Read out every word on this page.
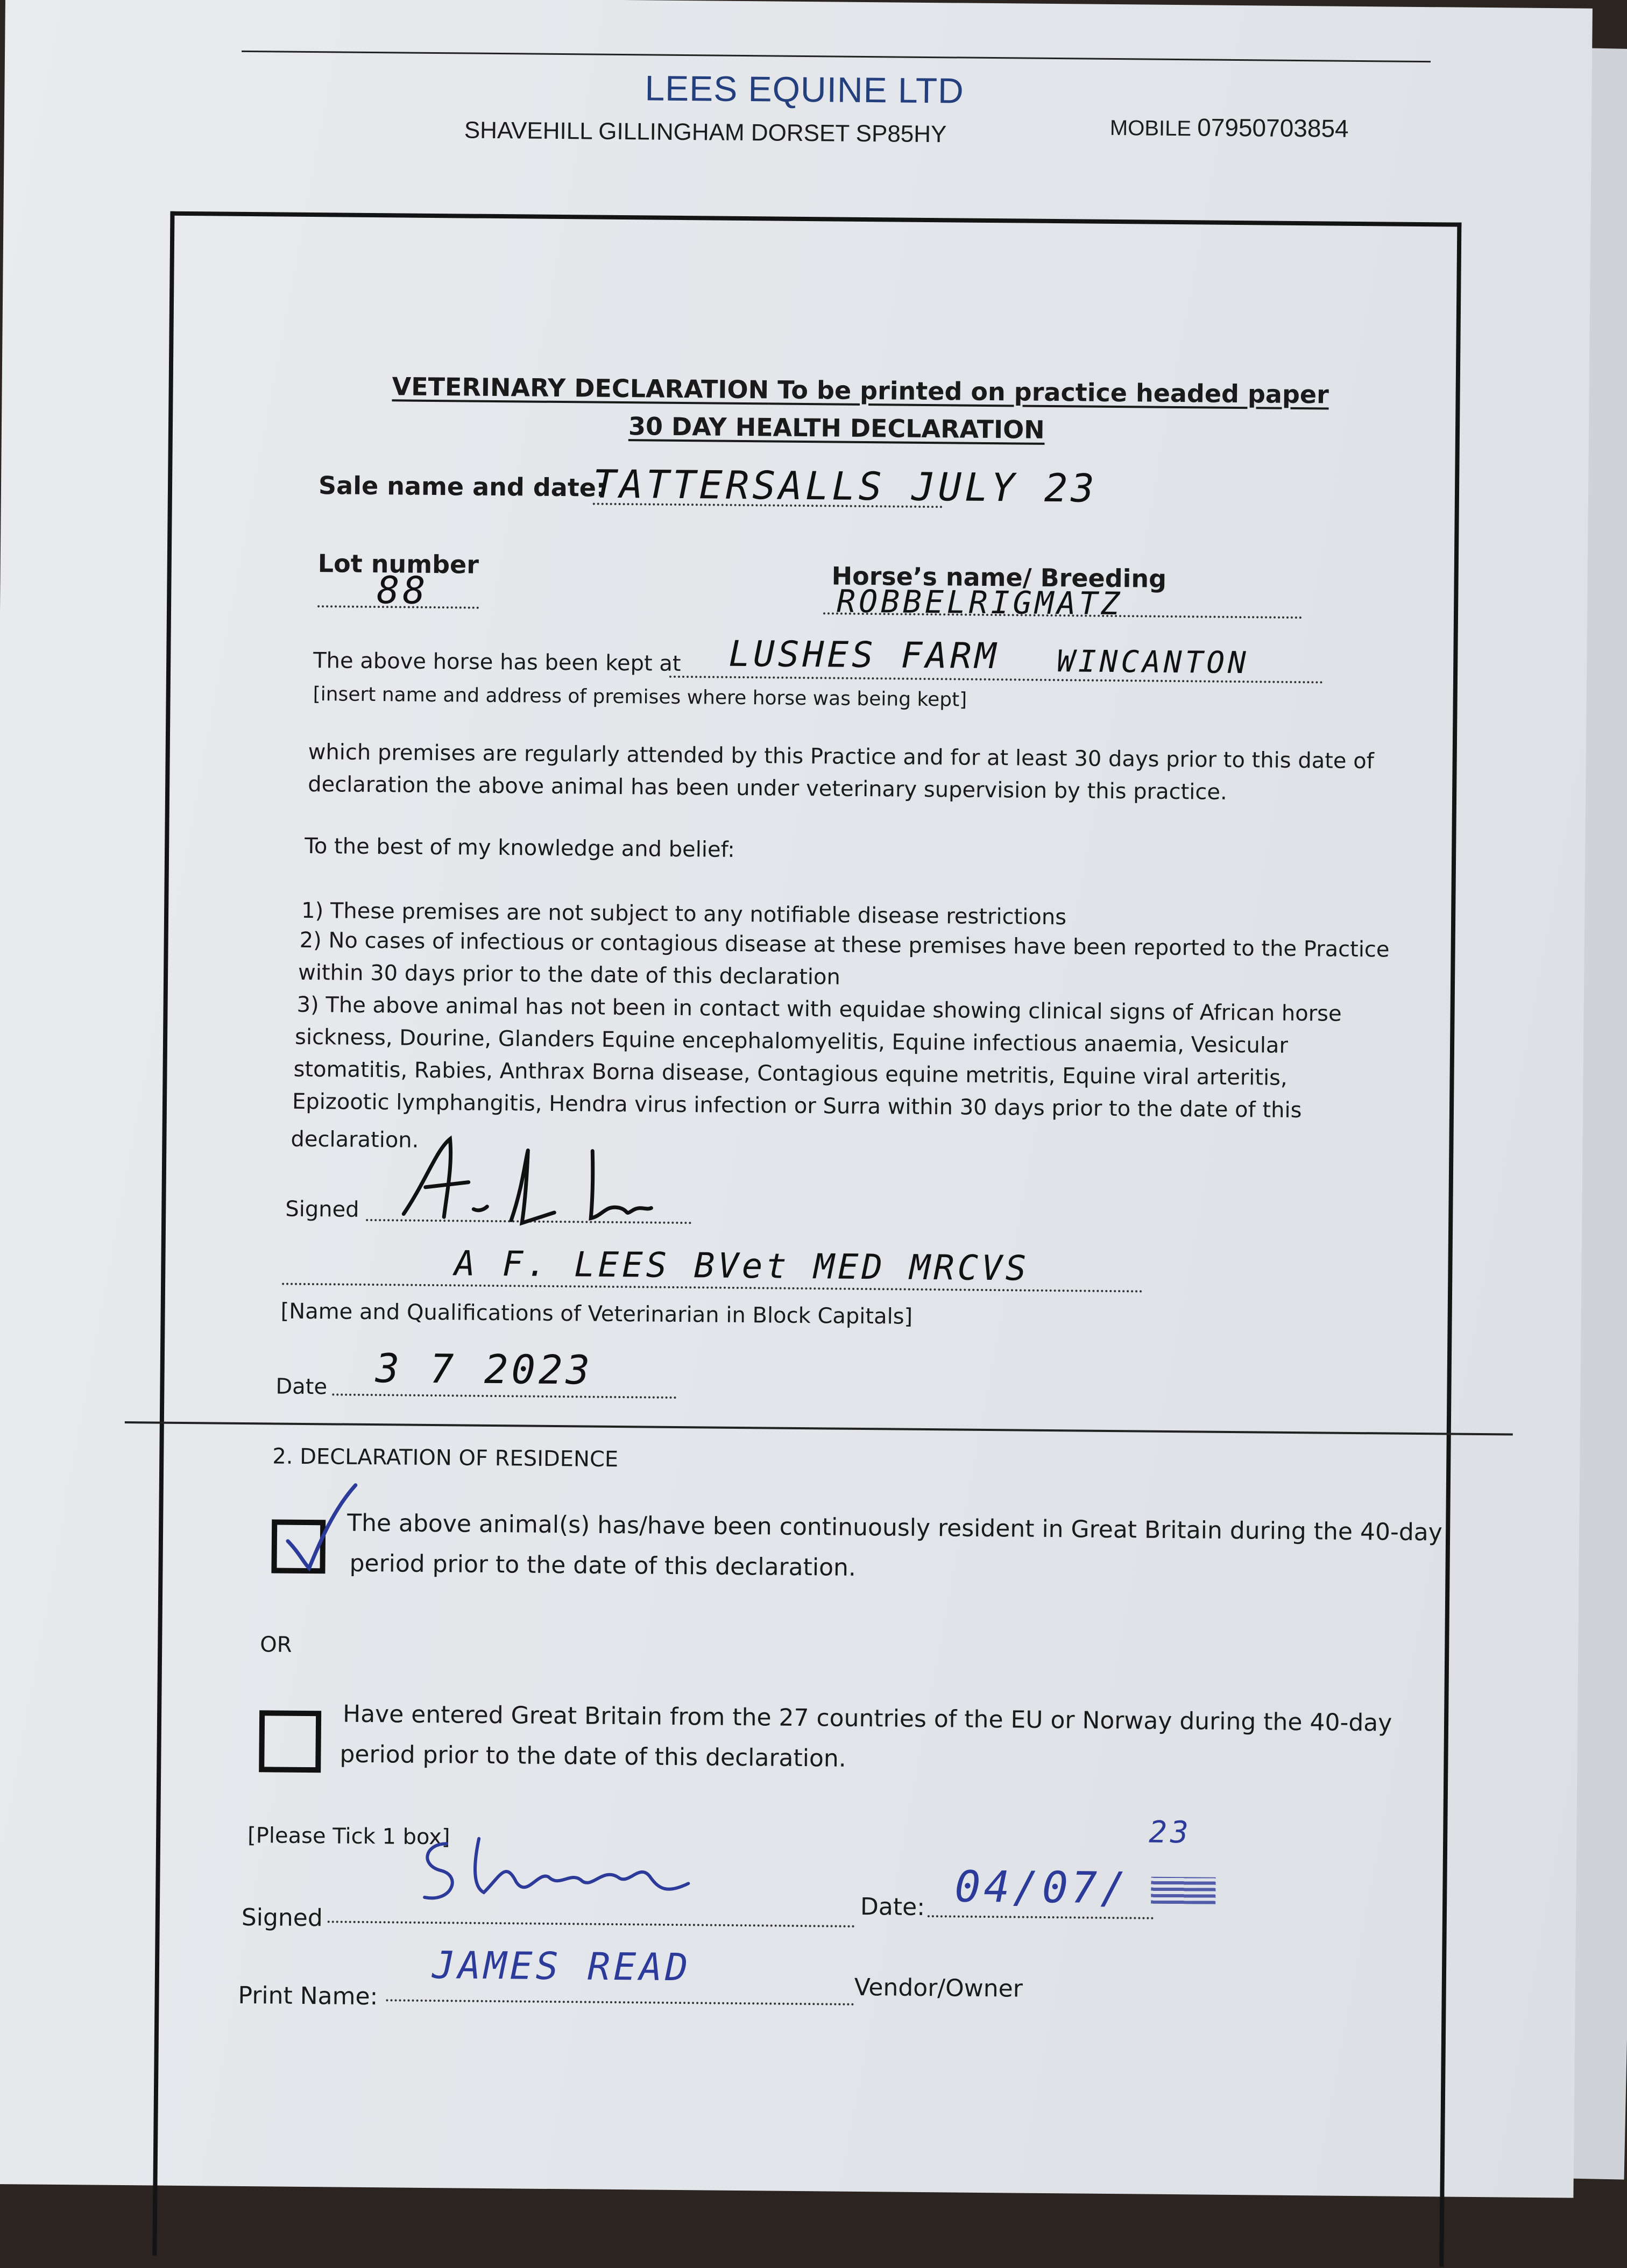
LEES EQUINE LTD
SHAVEHILL GILLINGHAM DORSET SP85HY	MOBILE 07950703854
VETERINARY DECLARATION To be printed on practice headed paper
30 DAY HEALTH DECLARATION
Sale name and date:
TATTERSALLS JULY 23
Lot number
88	Horse’s name/ Breeding
ROBBELRIGMATZ
The above horse has been kept at LUSHES FARM WINCANTON
[insert name and address of premises where horse was being kept]
which premises are regularly attended by this Practice and for at least 30 days prior to this date of
declaration the above animal has been under veterinary supervision by this practice.
To the best of my knowledge and belief:
1) These premises are not subject to any notifiable disease restrictions
2) No cases of infectious or contagious disease at these premises have been reported to the Practice
within 30 days prior to the date of this declaration
3) The above animal has not been in contact with equidae showing clinical signs of African horse
sickness, Dourine, Glanders Equine encephalomyelitis, Equine infectious anaemia, Vesicular
stomatitis, Rabies, Anthrax Borna disease, Contagious equine metritis, Equine viral arteritis,
Epizootic lymphangitis, Hendra virus infection or Surra within 30 days prior to the date of this
declaration.
Signed
A F. LEES BVet MED MRCVS
[Name and Qualifications of Veterinarian in Block Capitals]
Date 3 7 2023
2. DECLARATION OF RESIDENCE
The above animal(s) has/have been continuously resident in Great Britain during the 40-day
period prior to the date of this declaration.
OR
Have entered Great Britain from the 27 countries of the EU or Norway during the 40-day
period prior to the date of this declaration.
[Please Tick 1 box]
Signed	Date: 04/07/
23
Print Name:
JAMES READ	Vendor/Owner
